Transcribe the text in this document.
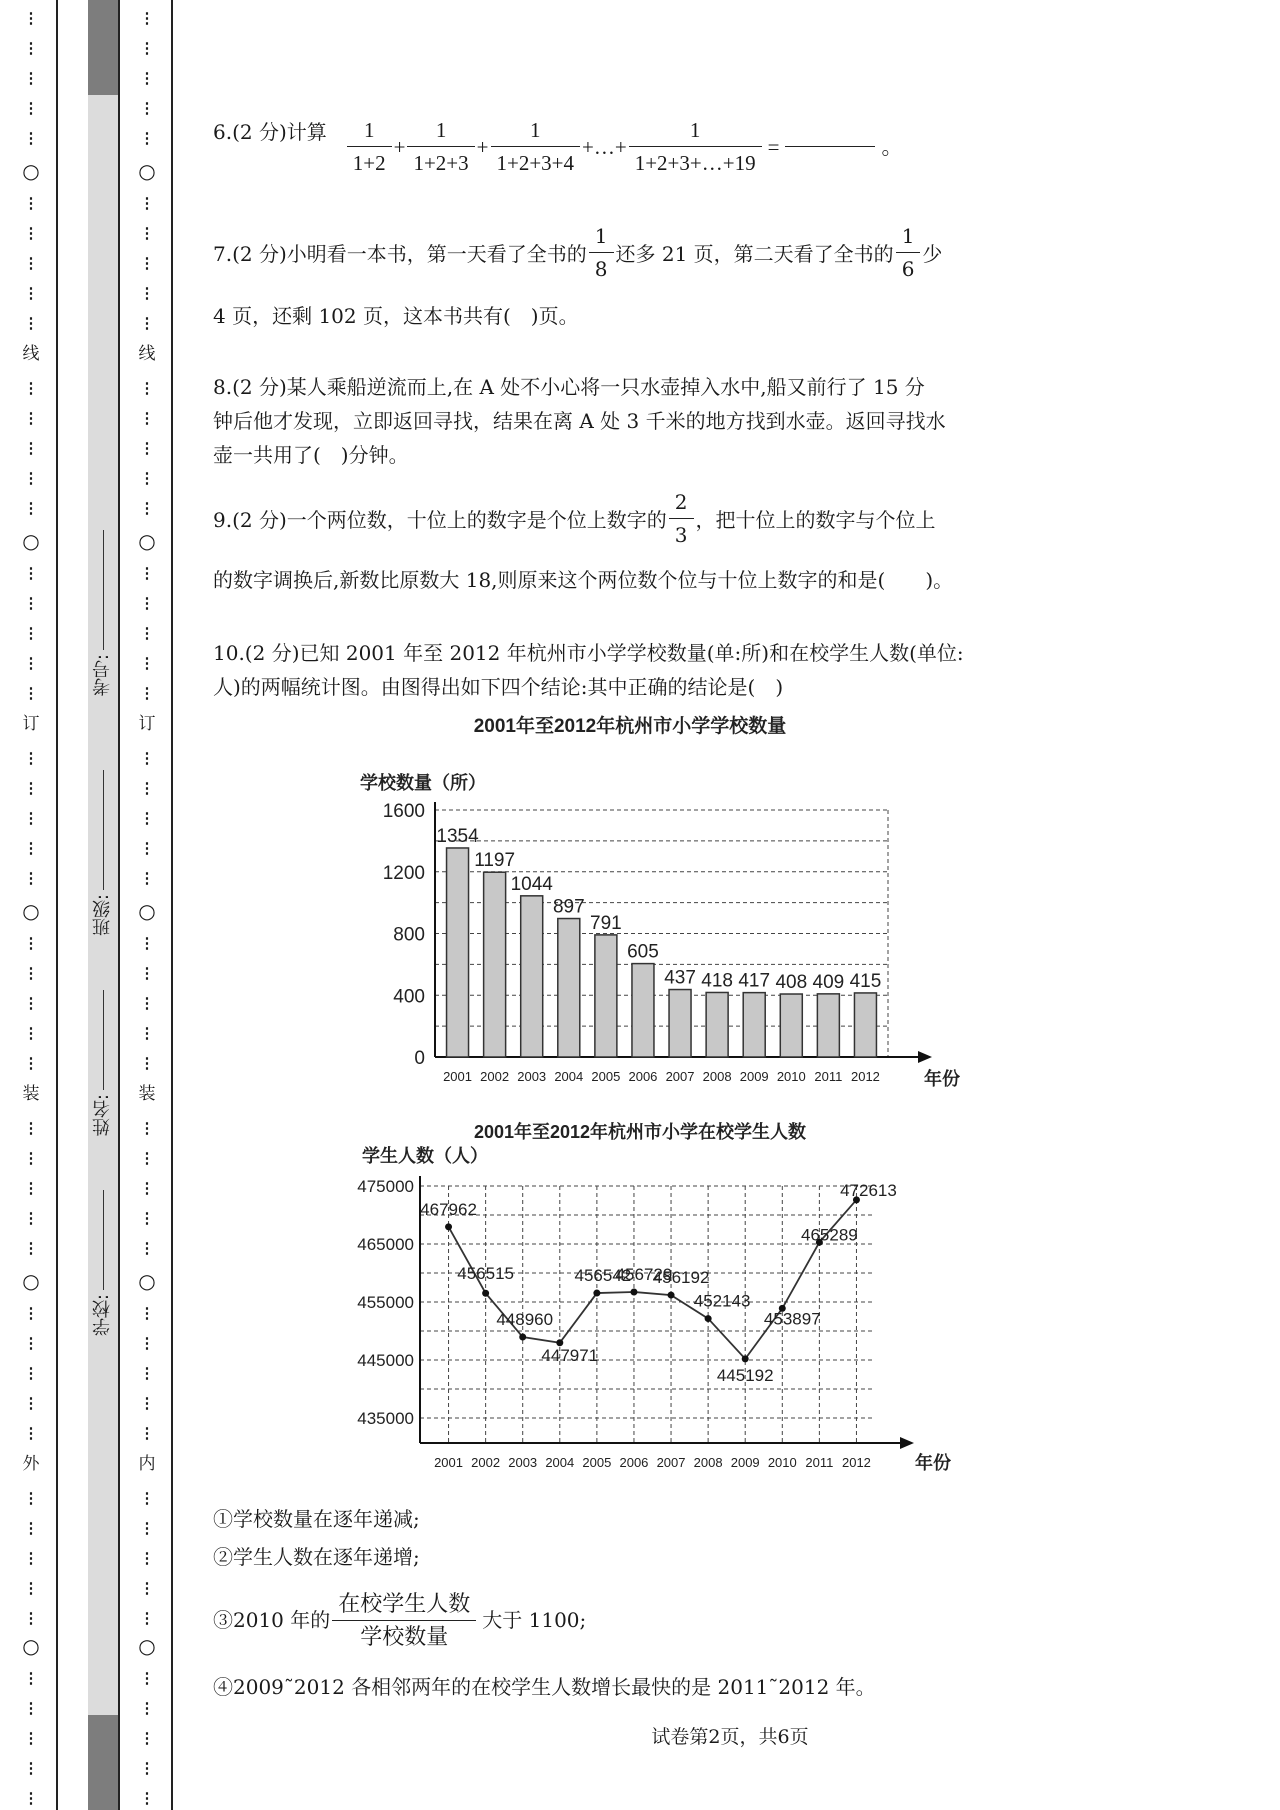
⋮
⋮
⋮
⋮
⋮
○
⋮
⋮
⋮
⋮
⋮
线
⋮
⋮
⋮
⋮
⋮
○
⋮
⋮
⋮
⋮
⋮
订
⋮
⋮
⋮
⋮
⋮
○
⋮
⋮
⋮
⋮
⋮
装
⋮
⋮
⋮
⋮
⋮
○
⋮
⋮
⋮
⋮
⋮
外
⋮
⋮
⋮
⋮
⋮
○
⋮
⋮
⋮
⋮
⋮
⋮
⋮
⋮
⋮
⋮
○
⋮
⋮
⋮
⋮
⋮
线
⋮
⋮
⋮
⋮
⋮
○
⋮
⋮
⋮
⋮
⋮
订
⋮
⋮
⋮
⋮
⋮
○
⋮
⋮
⋮
⋮
⋮
装
⋮
⋮
⋮
⋮
⋮
○
⋮
⋮
⋮
⋮
⋮
内
⋮
⋮
⋮
⋮
⋮
○
⋮
⋮
⋮
⋮
⋮
学校:
姓名:
班级:
考号:
6.(2 分)计算 $\frac{1}{1+2} + \frac{1}{1+2+3} + \frac{1}{1+2+3+4}$ +…+ $\frac{1}{1+2+3+\dots+19}$ =	。
7.(2 分)小明看一本书，第一天看了全书的 $\frac{1}{8}$ 还多 21 页，第二天看了全书的 $\frac{1}{6}$ 少
4 页，还剩 102 页，这本书共有(　)页。
8.(2 分)某人乘船逆流而上,在 A 处不小心将一只水壶掉入水中,船又前行了 15 分
钟后他才发现，立即返回寻找，结果在离 A 处 3 千米的地方找到水壶。返回寻找水
壶一共用了(　)分钟。
9.(2 分)一个两位数，十位上的数字是个位上数字的 $\frac{2}{3}$ ，把十位上的数字与个位上
的数字调换后,新数比原数大 18,则原来这个两位数个位与十位上数字的和是(　　)。
10.(2 分)已知 2001 年至 2012 年杭州市小学学校数量(单:所)和在校学生人数(单位:
人)的两幅统计图。由图得出如下四个结论:其中正确的结论是(　)
2001年至2012年杭州市小学学校数量
学校数量（所）
0
400
800
1200
1600
1354
2001
1197
2002
1044
2003
897
2004
791
2005
605
2006
437
2007
418
2008
417
2009
408
2010
409
2011
415
2012 年份
2001年至2012年杭州市小学在校学生人数
学生人数（人）
435000
445000
455000
465000
475000
467962
2001
456515
2002
448960
2003
447971
2004
456542
2005
456729
2006
456192
2007
452143
2008
445192
2009
453897
2010
465289
2011
472613
2012 年份
①学校数量在逐年递减;
②学生人数在逐年递增;
③2010 年的 $\frac{\text{在校学生人数}}{\text{学校数量}}$ 大于 1100;
④2009˜2012 各相邻两年的在校学生人数增长最快的是 2011˜2012 年。
试卷第2页，共6页
